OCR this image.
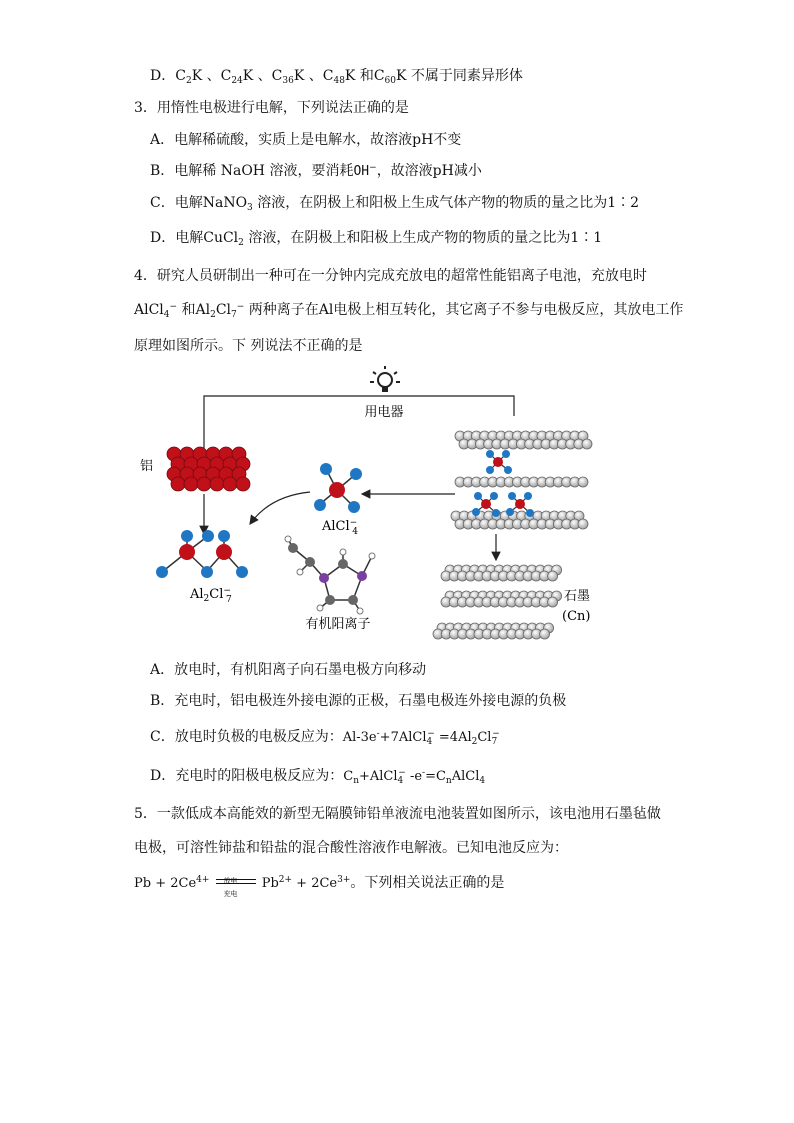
D．$C_2K$ 、$C_{24}K$ 、$C_{36}K$ 、$C_{48}K$ 和$C_{60}K$ 不属于同素异形体
3．用惰性电极进行电解，下列说法正确的是
A．电解稀硫酸，实质上是电解水，故溶液pH不变
B．电解稀 NaOH 溶液，要消耗OH−，故溶液pH减小
C．电解NaNO$_3$ 溶液，在阴极上和阳极上生成气体产物的物质的量之比为1∶2
D．电解CuCl$_2$ 溶液，在阴极上和阳极上生成产物的物质的量之比为1∶1
4．研究人员研制出一种可在一分钟内完成充放电的超常性能铝离子电池，充放电时
AlCl$_4$− 和$Al_2Cl_7^-$ 两种离子在Al电极上相互转化，其它离子不参与电极反应，其放电工作
原理如图所示。下 列说法不正确的是
用电器
铝
$Al_2Cl^-$ 7
AlCl− 4
有机阳离子
石墨
(Cn)
A．放电时，有机阳离子向石墨电极方向移动
B．充电时，铝电极连外接电源的正极，石墨电极连外接电源的负极
C．放电时负极的电极反应为：Al-3e-+7AlCl$_4$− $=4Al_2Cl_7^-$
D．充电时的阳极电极反应为：$C_n+AlCl_4^-$ $-e^-=C_nAlCl_4$
5．一款低成本高能效的新型无隔膜铈铅单液流电池装置如图所示，该电池用石墨毡做
电极，可溶性铈盐和铅盐的混合酸性溶液作电解液。已知电池反应为：
$Pb + 2Ce^{4+}$ 放电
充电
$Pb^{2+} + 2Ce^{3+}$。下列相关说法正确的是
